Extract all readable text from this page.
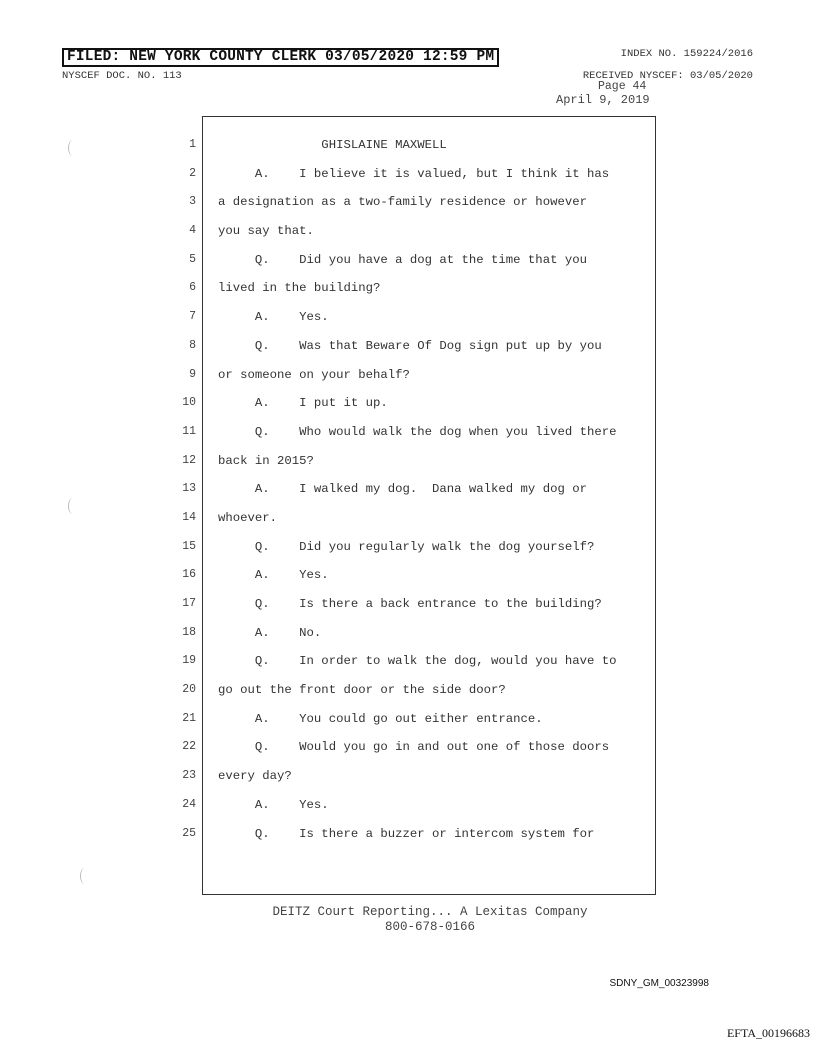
FILED: NEW YORK COUNTY CLERK 03/05/2020 12:59 PM
NYSCEF DOC. NO. 113
INDEX NO. 159224/2016
RECEIVED NYSCEF: 03/05/2020
Page 44
April 9, 2019
1
2
3
4
5
6
7
8
9
10
11
12
13
14
15
16
17
18
19
20
21
22
23
24
25
GHISLAINE MAXWELL
A.    I believe it is valued, but I think it has
a designation as a two-family residence or however
you say that.
Q.    Did you have a dog at the time that you
lived in the building?
A.    Yes.
Q.    Was that Beware Of Dog sign put up by you
or someone on your behalf?
A.    I put it up.
Q.    Who would walk the dog when you lived there
back in 2015?
A.    I walked my dog.  Dana walked my dog or
whoever.
Q.    Did you regularly walk the dog yourself?
A.    Yes.
Q.    Is there a back entrance to the building?
A.    No.
Q.    In order to walk the dog, would you have to
go out the front door or the side door?
A.    You could go out either entrance.
Q.    Would you go in and out one of those doors
every day?
A.    Yes.
Q.    Is there a buzzer or intercom system for
DEITZ Court Reporting... A Lexitas Company
800-678-0166
SDNY_GM_00323998
EFTA_00196683
